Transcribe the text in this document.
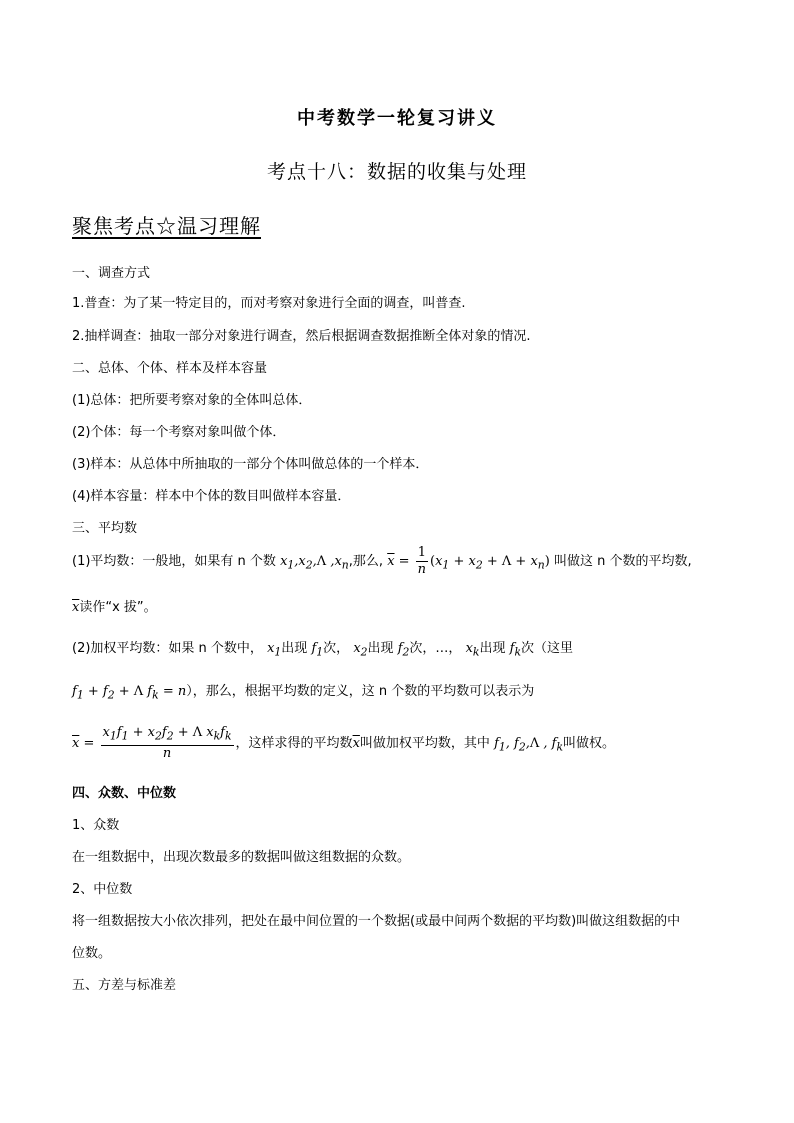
中考数学一轮复习讲义
考点十八：数据的收集与处理
聚焦考点☆温习理解
一、调查方式
1.普查：为了某一特定目的，而对考察对象进行全面的调查，叫普查.
2.抽样调查：抽取一部分对象进行调查，然后根据调查数据推断全体对象的情况.
二、总体、个体、样本及样本容量
(1)总体：把所要考察对象的全体叫总体．
(2)个体：每一个考察对象叫做个体．
(3)样本：从总体中所抽取的一部分个体叫做总体的一个样本．
(4)样本容量：样本中个体的数目叫做样本容量．
三、平均数
(1)平均数：一般地，如果有 n 个数 $x_1,x_2,\Lambda$ $,x_n$,那么, $\overline{x} = \frac{1}{n} (x_1 + x_2 + \Lambda + x_n)$ 叫做这 n 个数的平均数,
$\overline{x}$读作“x 拔”。
(2)加权平均数：如果 n 个数中， $x_1$出现 $f_1$次， $x_2$出现 $f_2$次，…， $x_k$出现 $f_k$次（这里
$f_1 + f_2 + \Lambda$ $f_k = n$），那么，根据平均数的定义，这 n 个数的平均数可以表示为
$\overline{x} = \frac{x_1f_1 + x_2f_2 + \Lambda x_kf_k}{n}$ ，这样求得的平均数$\overline{x}$叫做加权平均数，其中 $f_1$, $f_2,\Lambda$ , $f_k$叫做权。
四、众数、中位数
1、众数
在一组数据中，出现次数最多的数据叫做这组数据的众数。
2、中位数
将一组数据按大小依次排列，把处在最中间位置的一个数据(或最中间两个数据的平均数)叫做这组数据的中
位数。
五、方差与标准差
